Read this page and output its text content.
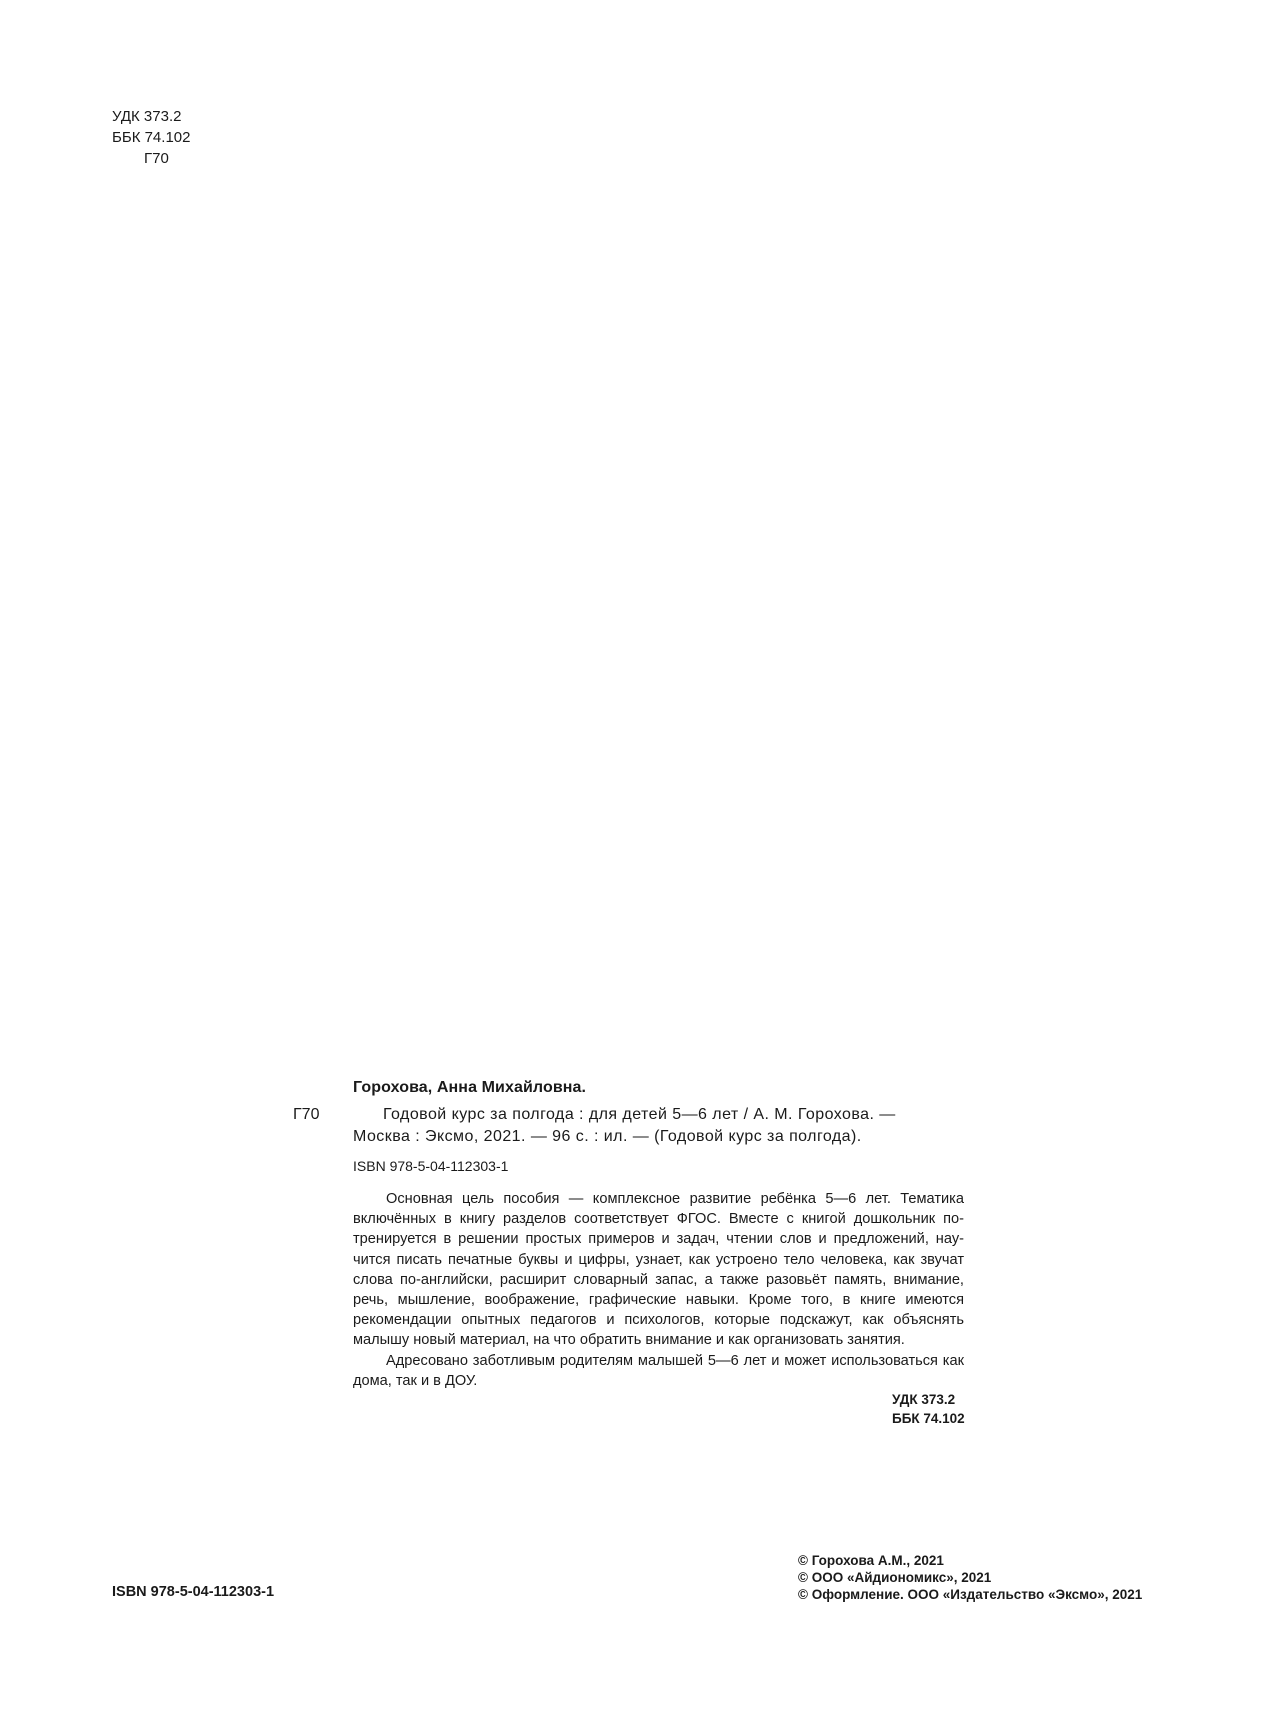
УДК 373.2
ББК 74.102
Г70
Горохова, Анна Михайловна.
Г70	Годовой курс за полгода : для детей 5—6 лет / А. М. Горохова. —
Москва : Эксмо, 2021. — 96 с. : ил. — (Годовой курс за полгода).
ISBN 978-5-04-112303-1

Основная цель пособия — комплексное развитие ребёнка 5—6 лет. Тематика включённых в книгу разделов соответствует ФГОС. Вместе с книгой дошкольник потренируется в решении простых примеров и задач, чтении слов и предложений, научится писать печатные буквы и цифры, узнает, как устроено тело человека, как звучат слова по-английски, расширит словарный запас, а также разовьёт память, внимание, речь, мышление, воображение, графические навыки. Кроме того, в книге имеются рекомендации опытных педагогов и психологов, которые подскажут, как объяснять малышу новый материал, на что обратить внимание и как организовать занятия.

Адресовано заботливым родителям малышей 5—6 лет и может использоваться как дома, так и в ДОУ.

УДК 373.2
ББК 74.102
ISBN 978-5-04-112303-1
© Горохова А.М., 2021
© ООО «Айдиономикс», 2021
© Оформление. ООО «Издательство «Эксмо», 2021
